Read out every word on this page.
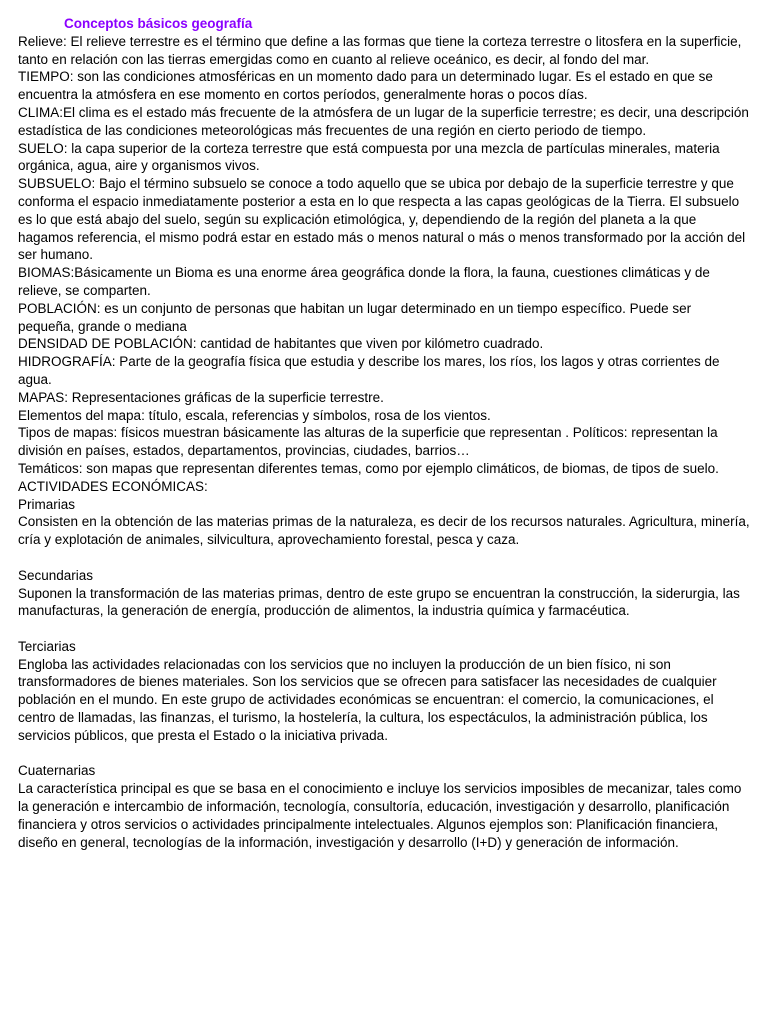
Conceptos básicos geografía

Relieve: El relieve terrestre es el término que define a las formas que tiene la corteza terrestre o litosfera en la superficie, tanto en relación con las tierras emergidas como en cuanto al relieve oceánico, es decir, al fondo del mar.

TIEMPO: son las condiciones atmosféricas en un momento dado para un determinado lugar. Es el estado en que se encuentra la atmósfera en ese momento en cortos períodos, generalmente horas o pocos días.

CLIMA:El clima es el estado más frecuente de la atmósfera de un lugar de la superficie terrestre; es decir, una descripción estadística de las condiciones meteorológicas más frecuentes de una región en cierto periodo de tiempo.

SUELO: la capa superior de la corteza terrestre que está compuesta por una mezcla de partículas minerales, materia orgánica, agua, aire y organismos vivos.

SUBSUELO: Bajo el término subsuelo se conoce a todo aquello que se ubica por debajo de la superficie terrestre y que conforma el espacio inmediatamente posterior a esta en lo que respecta a las capas geológicas de la Tierra. El subsuelo es lo que está abajo del suelo, según su explicación etimológica, y, dependiendo de la región del planeta a la que hagamos referencia, el mismo podrá estar en estado más o menos natural o más o menos transformado por la acción del ser humano.

BIOMAS:Básicamente un Bioma es una enorme área geográfica donde la flora, la fauna, cuestiones climáticas y de relieve, se comparten.

POBLACIÓN: es un conjunto de personas que habitan un lugar determinado en un tiempo específico. Puede ser pequeña, grande o mediana

DENSIDAD DE POBLACIÓN: cantidad de habitantes que viven por kilómetro cuadrado.

HIDROGRAFÍA: Parte de la geografía física que estudia y describe los mares, los ríos, los lagos y otras corrientes de agua.

MAPAS: Representaciones gráficas de la superficie terrestre.

Elementos del mapa: título, escala, referencias y símbolos, rosa de los vientos.

Tipos de mapas: físicos muestran básicamente las alturas de la superficie que representan . Políticos: representan la división en países, estados, departamentos, provincias, ciudades, barrios…

Temáticos: son mapas que representan diferentes temas, como por ejemplo climáticos, de biomas, de tipos de suelo.

ACTIVIDADES ECONÓMICAS:

Primarias

Consisten en la obtención de las materias primas de la naturaleza, es decir de los recursos naturales. Agricultura, minería, cría y explotación de animales, silvicultura, aprovechamiento forestal, pesca y caza.

Secundarias

Suponen la transformación de las materias primas, dentro de este grupo se encuentran la construcción, la siderurgia, las manufacturas, la generación de energía, producción de alimentos, la industria química y farmacéutica.

Terciarias

Engloba las actividades relacionadas con los servicios que no incluyen la producción de un bien físico, ni son transformadores de bienes materiales. Son los servicios que se ofrecen para satisfacer las necesidades de cualquier población en el mundo. En este grupo de actividades económicas se encuentran: el comercio, la comunicaciones, el centro de llamadas, las finanzas, el turismo, la hostelería, la cultura, los espectáculos, la administración pública, los servicios públicos, que presta el Estado o la iniciativa privada.

Cuaternarias

La característica principal es que se basa en el conocimiento e incluye los servicios imposibles de mecanizar, tales como la generación e intercambio de información, tecnología, consultoría, educación, investigación y desarrollo, planificación financiera y otros servicios o actividades principalmente intelectuales. Algunos ejemplos son: Planificación financiera, diseño en general, tecnologías de la información, investigación y desarrollo (I+D) y generación de información.
